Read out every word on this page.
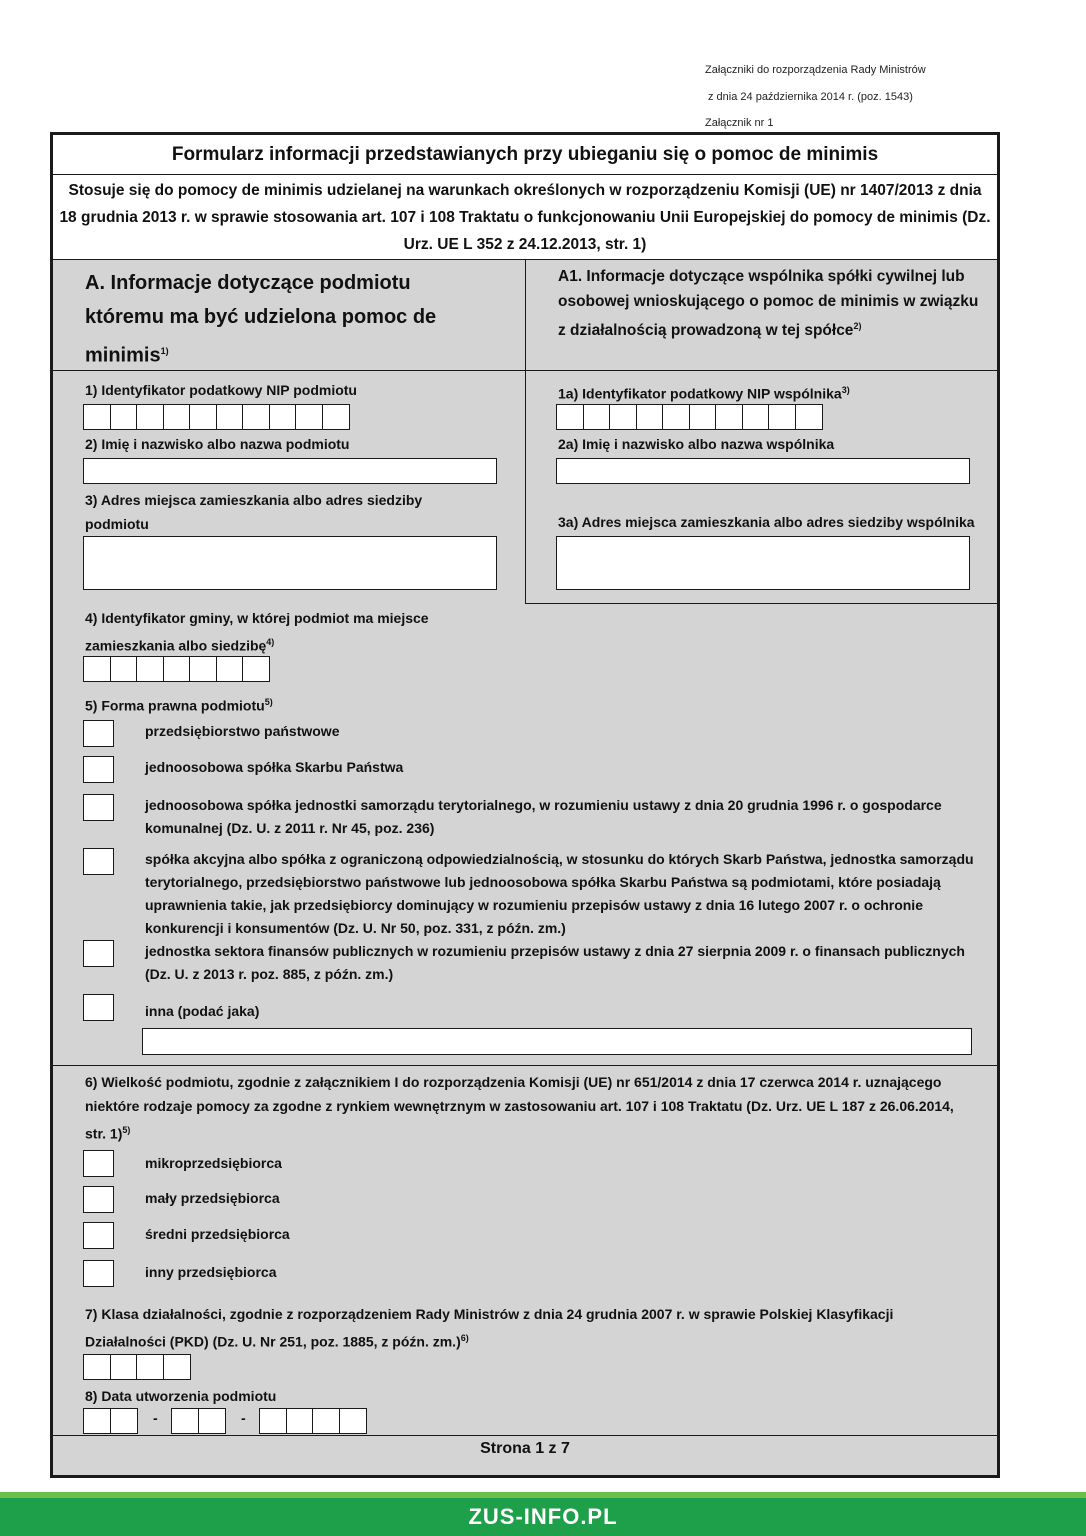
Załączniki do rozporządzenia Rady Ministrów
z dnia 24 października 2014 r. (poz. 1543)
Załącznik nr 1
Formularz informacji przedstawianych przy ubieganiu się o pomoc de minimis
Stosuje się do pomocy de minimis udzielanej na warunkach określonych w rozporządzeniu Komisji (UE) nr 1407/2013 z dnia 18 grudnia 2013 r. w sprawie stosowania art. 107 i 108 Traktatu o funkcjonowaniu Unii Europejskiej do pomocy de minimis (Dz. Urz. UE L 352 z 24.12.2013, str. 1)
A. Informacje dotyczące podmiotu któremu ma być udzielona pomoc de minimis$^{1)}$
A1. Informacje dotyczące wspólnika spółki cywilnej lub osobowej wnioskującego o pomoc de minimis w związku z działalnością prowadzoną w tej spółce$^{2)}$
1a) Identyfikator podatkowy NIP wspólnika$^{3)}$
2a) Imię i nazwisko albo nazwa wspólnika
3a) Adres miejsca zamieszkania albo adres siedziby wspólnika
1) Identyfikator podatkowy NIP podmiotu
2) Imię i nazwisko albo nazwa podmiotu
3) Adres miejsca zamieszkania albo adres siedziby podmiotu
4) Identyfikator gminy, w której podmiot ma miejsce zamieszkania albo siedzibę$^{4)}$
5) Forma prawna podmiotu$^{5)}$
przedsiębiorstwo państwowe
jednoosobowa spółka Skarbu Państwa
jednoosobowa spółka jednostki samorządu terytorialnego, w rozumieniu ustawy z dnia 20 grudnia 1996 r. o gospodarce komunalnej (Dz. U. z 2011 r. Nr 45, poz. 236)
spółka akcyjna albo spółka z ograniczoną odpowiedzialnością, w stosunku do których Skarb Państwa, jednostka samorządu terytorialnego, przedsiębiorstwo państwowe lub jednoosobowa spółka Skarbu Państwa są podmiotami, które posiadają uprawnienia takie, jak przedsiębiorcy dominujący w rozumieniu przepisów ustawy z dnia 16 lutego 2007 r. o ochronie konkurencji i konsumentów (Dz. U. Nr 50, poz. 331, z późn. zm.)
jednostka sektora finansów publicznych w rozumieniu przepisów ustawy z dnia 27 sierpnia 2009 r. o finansach publicznych (Dz. U. z 2013 r. poz. 885, z późn. zm.)
inna (podać jaka)
6) Wielkość podmiotu, zgodnie z załącznikiem I do rozporządzenia Komisji (UE) nr 651/2014 z dnia 17 czerwca 2014 r. uznającego niektóre rodzaje pomocy za zgodne z rynkiem wewnętrznym w zastosowaniu art. 107 i 108 Traktatu (Dz. Urz. UE L 187 z 26.06.2014, str. 1)$^{5)}$
mikroprzedsiębiorca
mały przedsiębiorca
średni przedsiębiorca
inny przedsiębiorca
7) Klasa działalności, zgodnie z rozporządzeniem Rady Ministrów z dnia 24 grudnia 2007 r. w sprawie Polskiej Klasyfikacji Działalności (PKD) (Dz. U. Nr 251, poz. 1885, z późn. zm.)$^{6)}$
8) Data utworzenia podmiotu
-	-
Strona 1 z 7
ZUS-INFO.PL
